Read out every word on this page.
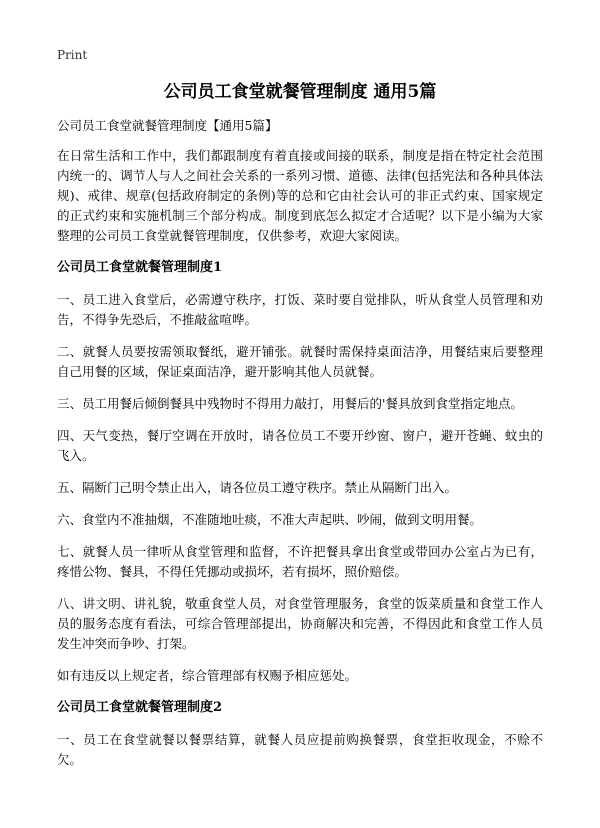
Print
公司员工食堂就餐管理制度 通用5篇

公司员工食堂就餐管理制度【通用5篇】

在日常生活和工作中，我们都跟制度有着直接或间接的联系，制度是指在特定社会范围内统一的、调节人与人之间社会关系的一系列习惯、道德、法律(包括宪法和各种具体法规)、戒律、规章(包括政府制定的条例)等的总和它由社会认可的非正式约束、国家规定的正式约束和实施机制三个部分构成。制度到底怎么拟定才合适呢？以下是小编为大家整理的公司员工食堂就餐管理制度，仅供参考，欢迎大家阅读。

公司员工食堂就餐管理制度1

一、员工进入食堂后，必需遵守秩序，打饭、菜时要自觉排队，听从食堂人员管理和劝告，不得争先恐后，不推敲盆喧哗。

二、就餐人员要按需领取餐纸，避开铺张。就餐时需保持桌面洁净，用餐结束后要整理自己用餐的区域，保证桌面洁净，避开影响其他人员就餐。

三、员工用餐后倾倒餐具中残物时不得用力敲打，用餐后的'餐具放到食堂指定地点。

四、天气变热，餐厅空调在开放时，请各位员工不要开纱窗、窗户，避开苍蝇、蚊虫的飞入。

五、隔断门己明令禁止出入，请各位员工遵守秩序。禁止从隔断门出入。

六、食堂内不准抽烟，不准随地吐痰，不准大声起哄、吵闹，做到文明用餐。

七、就餐人员一律听从食堂管理和监督，不许把餐具拿出食堂或带回办公室占为已有，疼惜公物、餐具，不得任凭挪动或损坏，若有损坏，照价赔偿。

八、讲文明、讲礼貌，敬重食堂人员，对食堂管理服务，食堂的饭菜质量和食堂工作人员的服务态度有看法，可综合管理部提出，协商解决和完善，不得因此和食堂工作人员发生冲突而争吵、打架。

如有违反以上规定者，综合管理部有权赐予相应惩处。

公司员工食堂就餐管理制度2

一、员工在食堂就餐以餐票结算，就餐人员应提前购换餐票，食堂拒收现金，不赊不欠。
